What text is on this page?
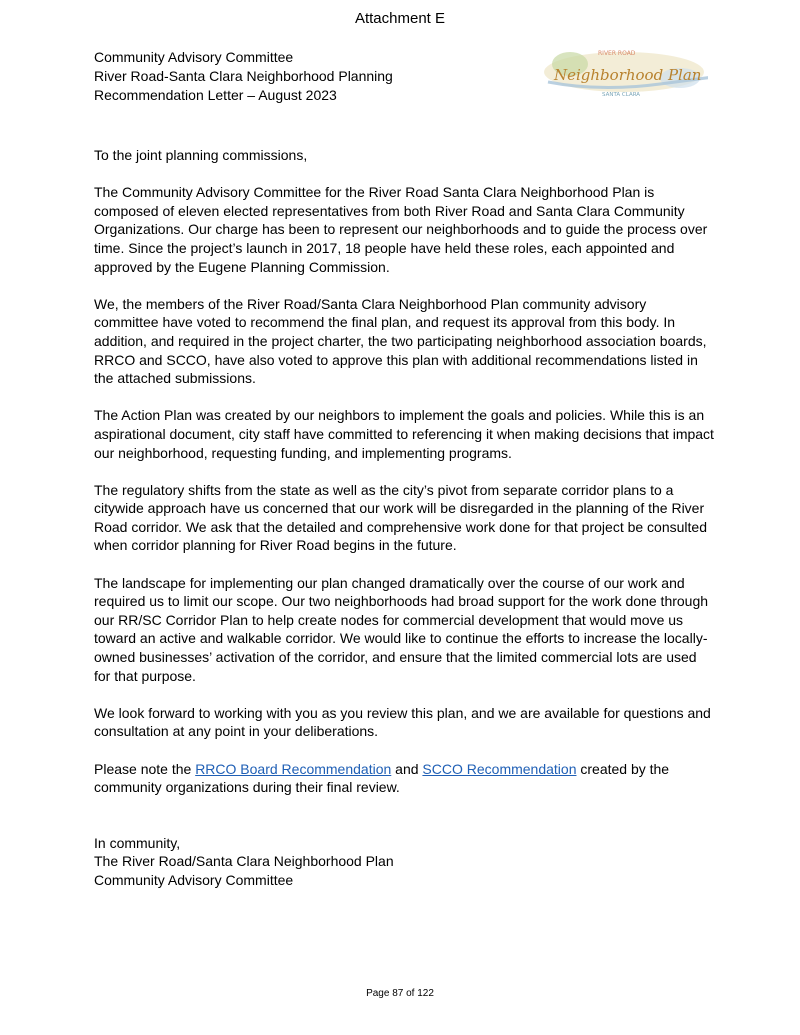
Attachment E
Community Advisory Committee
River Road-Santa Clara Neighborhood Planning
Recommendation Letter – August 2023
RIVER ROAD
Neighborhood Plan
SANTA CLARA

To the joint planning commissions,

The Community Advisory Committee for the River Road Santa Clara Neighborhood Plan is composed of eleven elected representatives from both River Road and Santa Clara Community Organizations. Our charge has been to represent our neighborhoods and to guide the process over time. Since the project’s launch in 2017, 18 people have held these roles, each appointed and approved by the Eugene Planning Commission.

We, the members of the River Road/Santa Clara Neighborhood Plan community advisory committee have voted to recommend the final plan, and request its approval from this body. In addition, and required in the project charter, the two participating neighborhood association boards, RRCO and SCCO, have also voted to approve this plan with additional recommendations listed in the attached submissions.

The Action Plan was created by our neighbors to implement the goals and policies. While this is an aspirational document, city staff have committed to referencing it when making decisions that impact our neighborhood, requesting funding, and implementing programs.

The regulatory shifts from the state as well as the city’s pivot from separate corridor plans to a citywide approach have us concerned that our work will be disregarded in the planning of the River Road corridor. We ask that the detailed and comprehensive work done for that project be consulted when corridor planning for River Road begins in the future.

The landscape for implementing our plan changed dramatically over the course of our work and required us to limit our scope. Our two neighborhoods had broad support for the work done through our RR/SC Corridor Plan to help create nodes for commercial development that would move us toward an active and walkable corridor. We would like to continue the efforts to increase the locally-owned businesses’ activation of the corridor, and ensure that the limited commercial lots are used for that purpose.

We look forward to working with you as you review this plan, and we are available for questions and consultation at any point in your deliberations.

Please note the RRCO Board Recommendation and SCCO Recommendation created by the community organizations during their final review.

In community,
The River Road/Santa Clara Neighborhood Plan
Community Advisory Committee
Page 87 of 122
